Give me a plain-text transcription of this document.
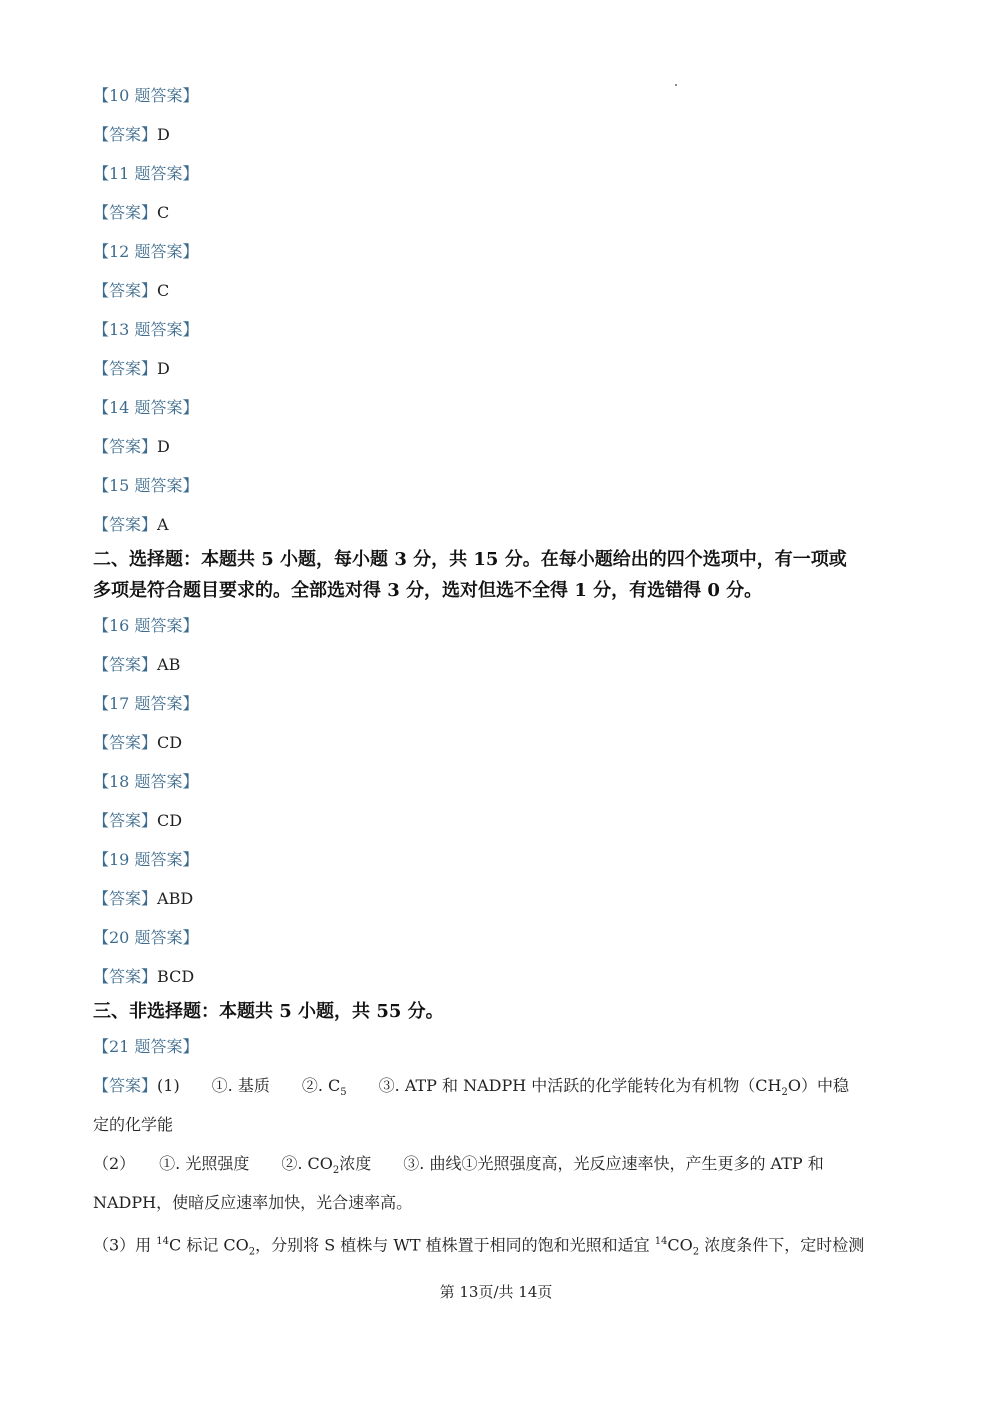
【10 题答案】
【答案】D
【11 题答案】
【答案】C
【12 题答案】
【答案】C
【13 题答案】
【答案】D
【14 题答案】
【答案】D
【15 题答案】
【答案】A
二、选择题：本题共 5 小题，每小题 3 分，共 15 分。在每小题给出的四个选项中，有一项或
多项是符合题目要求的。全部选对得 3 分，选对但选不全得 1 分，有选错得 0 分。
【16 题答案】
【答案】AB
【17 题答案】
【答案】CD
【18 题答案】
【答案】CD
【19 题答案】
【答案】ABD
【20 题答案】
【答案】BCD
三、非选择题：本题共 5 小题，共 55 分。
【21 题答案】
【答案】(1)　　①. 基质　　②. $C_5$　　③. ATP 和 NADPH 中活跃的化学能转化为有机物$(CH_2O)$中稳
定的化学能
（2）　　①. 光照强度　　②. $CO_2$浓度　　③. 曲线①光照强度高，光反应速率快，产生更多的 ATP 和
NADPH，使暗反应速率加快，光合速率高。
（3）用 $^{14}$C 标记 $CO_2$，分别将 S 植株与 WT 植株置于相同的饱和光照和适宜 $^{14}CO_2$ 浓度条件下，定时检测
第 13页/共 14页
